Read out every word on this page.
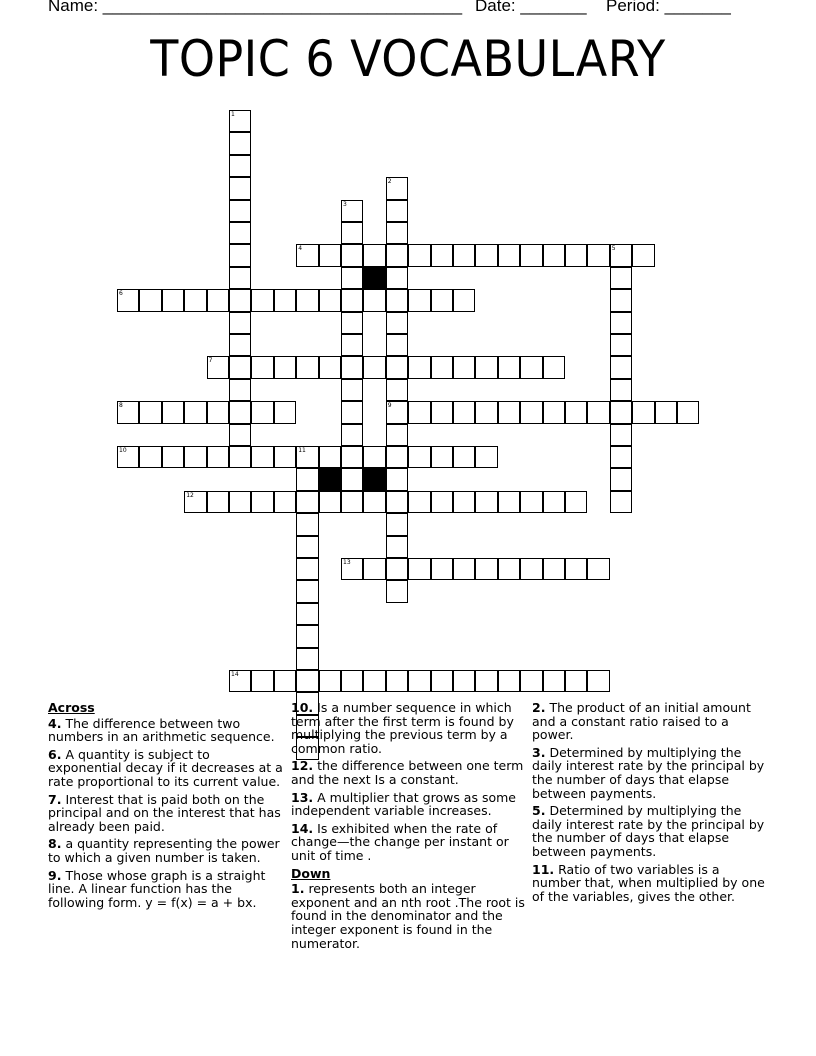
Name: ______________________________________ Date: _______ Period: _______
TOPIC 6 VOCABULARY
1
2
3
4	5
6
7
8	9
10	11
12
13
14
Across
4. The difference between two numbers in an arithmetic sequence.
6. A quantity is subject to exponential decay if it decreases at a rate proportional to its current value.
7. Interest that is paid both on the principal and on the interest that has already been paid.
8. a quantity representing the power to which a given number is taken.
9. Those whose graph is a straight line. A linear function has the following form. y = f(x) = a + bx.
10. Is a number sequence in which term after the first term is found by multiplying the previous term by a common ratio.
12. the difference between one term and the next Is a constant.
13. A multiplier that grows as some independent variable increases.
14. Is exhibited when the rate of change—the change per instant or unit of time .
Down
1. represents both an integer exponent and an nth root .The root is found in the denominator and the integer exponent is found in the numerator.
2. The product of an initial amount and a constant ratio raised to a power.
3. Determined by multiplying the daily interest rate by the principal by the number of days that elapse between payments.
5. Determined by multiplying the daily interest rate by the principal by the number of days that elapse between payments.
11. Ratio of two variables is a number that, when multiplied by one of the variables, gives the other.
